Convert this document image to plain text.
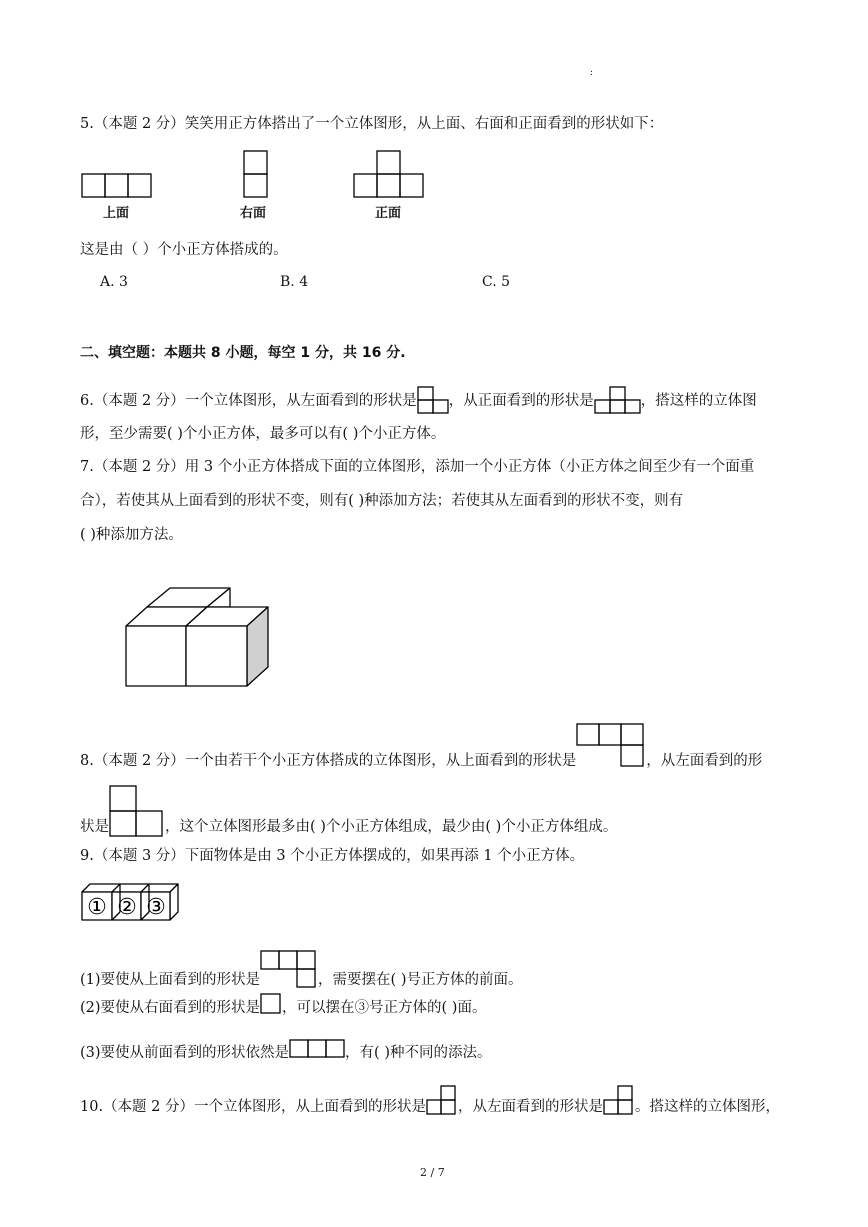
:
5.（本题 2 分）笑笑用正方体搭出了一个立体图形，从上面、右面和正面看到的形状如下：
上面	右面	正面
这是由（ ）个小正方体搭成的。
A. 3	B. 4	C. 5
二、填空题：本题共 8 小题，每空 1 分，共 16 分.
6.（本题 2 分）一个立体图形，从左面看到的形状是 ，从正面看到的形状是	，搭这样的立体图
形，至少需要( )个小正方体，最多可以有( )个小正方体。
7.（本题 2 分）用 3 个小正方体搭成下面的立体图形，添加一个小正方体（小正方体之间至少有一个面重
合），若使其从上面看到的形状不变，则有( )种添加方法；若使其从左面看到的形状不变，则有
( )种添加方法。
8.（本题 2 分）一个由若干个小正方体搭成的立体图形，从上面看到的形状是	，从左面看到的形
状是	，这个立体图形最多由( )个小正方体组成，最少由( )个小正方体组成。
9.（本题 3 分）下面物体是由 3 个小正方体摆成的，如果再添 1 个小正方体。
① ② ③
(1)要使从上面看到的形状是	，需要摆在( )号正方体的前面。
(2)要使从右面看到的形状是 ，可以摆在③号正方体的( )面。
(3)要使从前面看到的形状依然是	，有( )种不同的添法。
10.（本题 2 分）一个立体图形，从上面看到的形状是 ，从左面看到的形状是 。搭这样的立体图形，
2 / 7
